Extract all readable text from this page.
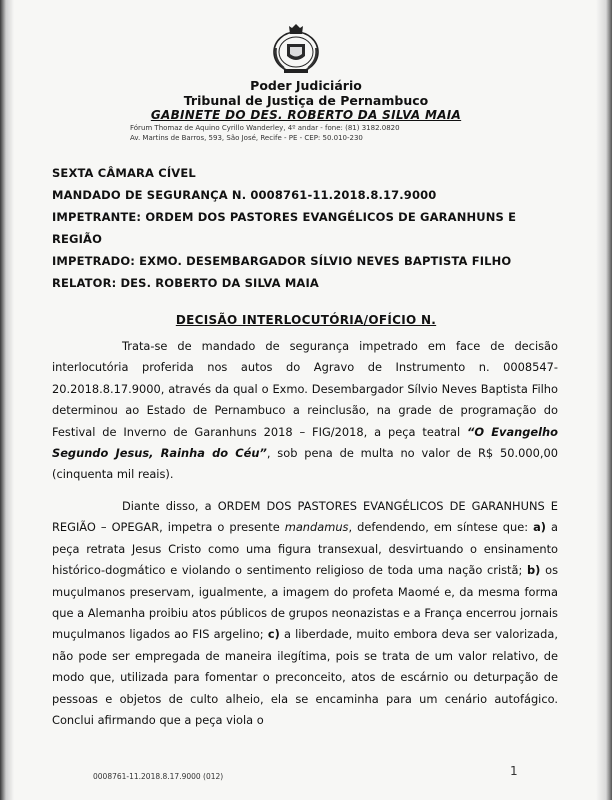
Poder Judiciário
Tribunal de Justiça de Pernambuco
GABINETE DO DES. ROBERTO DA SILVA MAIA
Fórum Thomaz de Aquino Cyrillo Wanderley, 4º andar - fone: (81) 3182.0820
Av. Martins de Barros, 593, São José, Recife - PE - CEP: 50.010-230
SEXTA CÂMARA CÍVEL
MANDADO DE SEGURANÇA N. 0008761-11.2018.8.17.9000
IMPETRANTE: ORDEM DOS PASTORES EVANGÉLICOS DE GARANHUNS E
REGIÃO
IMPETRADO: EXMO. DESEMBARGADOR SÍLVIO NEVES BAPTISTA FILHO
RELATOR: DES. ROBERTO DA SILVA MAIA
DECISÃO INTERLOCUTÓRIA/OFÍCIO N.
Trata-se de mandado de segurança impetrado em face de decisão interlocutória proferida nos autos do Agravo de Instrumento n. 0008547-20.2018.8.17.9000, através da qual o Exmo. Desembargador Sílvio Neves Baptista Filho determinou ao Estado de Pernambuco a reinclusão, na grade de programação do Festival de Inverno de Garanhuns 2018 – FIG/2018, a peça teatral “O Evangelho Segundo Jesus, Rainha do Céu”, sob pena de multa no valor de R$ 50.000,00 (cinquenta mil reais).
Diante disso, a ORDEM DOS PASTORES EVANGÉLICOS DE GARANHUNS E REGIÃO – OPEGAR, impetra o presente mandamus, defendendo, em síntese que: a) a peça retrata Jesus Cristo como uma figura transexual, desvirtuando o ensinamento histórico-dogmático e violando o sentimento religioso de toda uma nação cristã; b) os muçulmanos preservam, igualmente, a imagem do profeta Maomé e, da mesma forma que a Alemanha proibiu atos públicos de grupos neonazistas e a França encerrou jornais muçulmanos ligados ao FIS argelino; c) a liberdade, muito embora deva ser valorizada, não pode ser empregada de maneira ilegítima, pois se trata de um valor relativo, de modo que, utilizada para fomentar o preconceito, atos de escárnio ou deturpação de pessoas e objetos de culto alheio, ela se encaminha para um cenário autofágico. Conclui afirmando que a peça viola o
0008761-11.2018.8.17.9000 (012)	1
